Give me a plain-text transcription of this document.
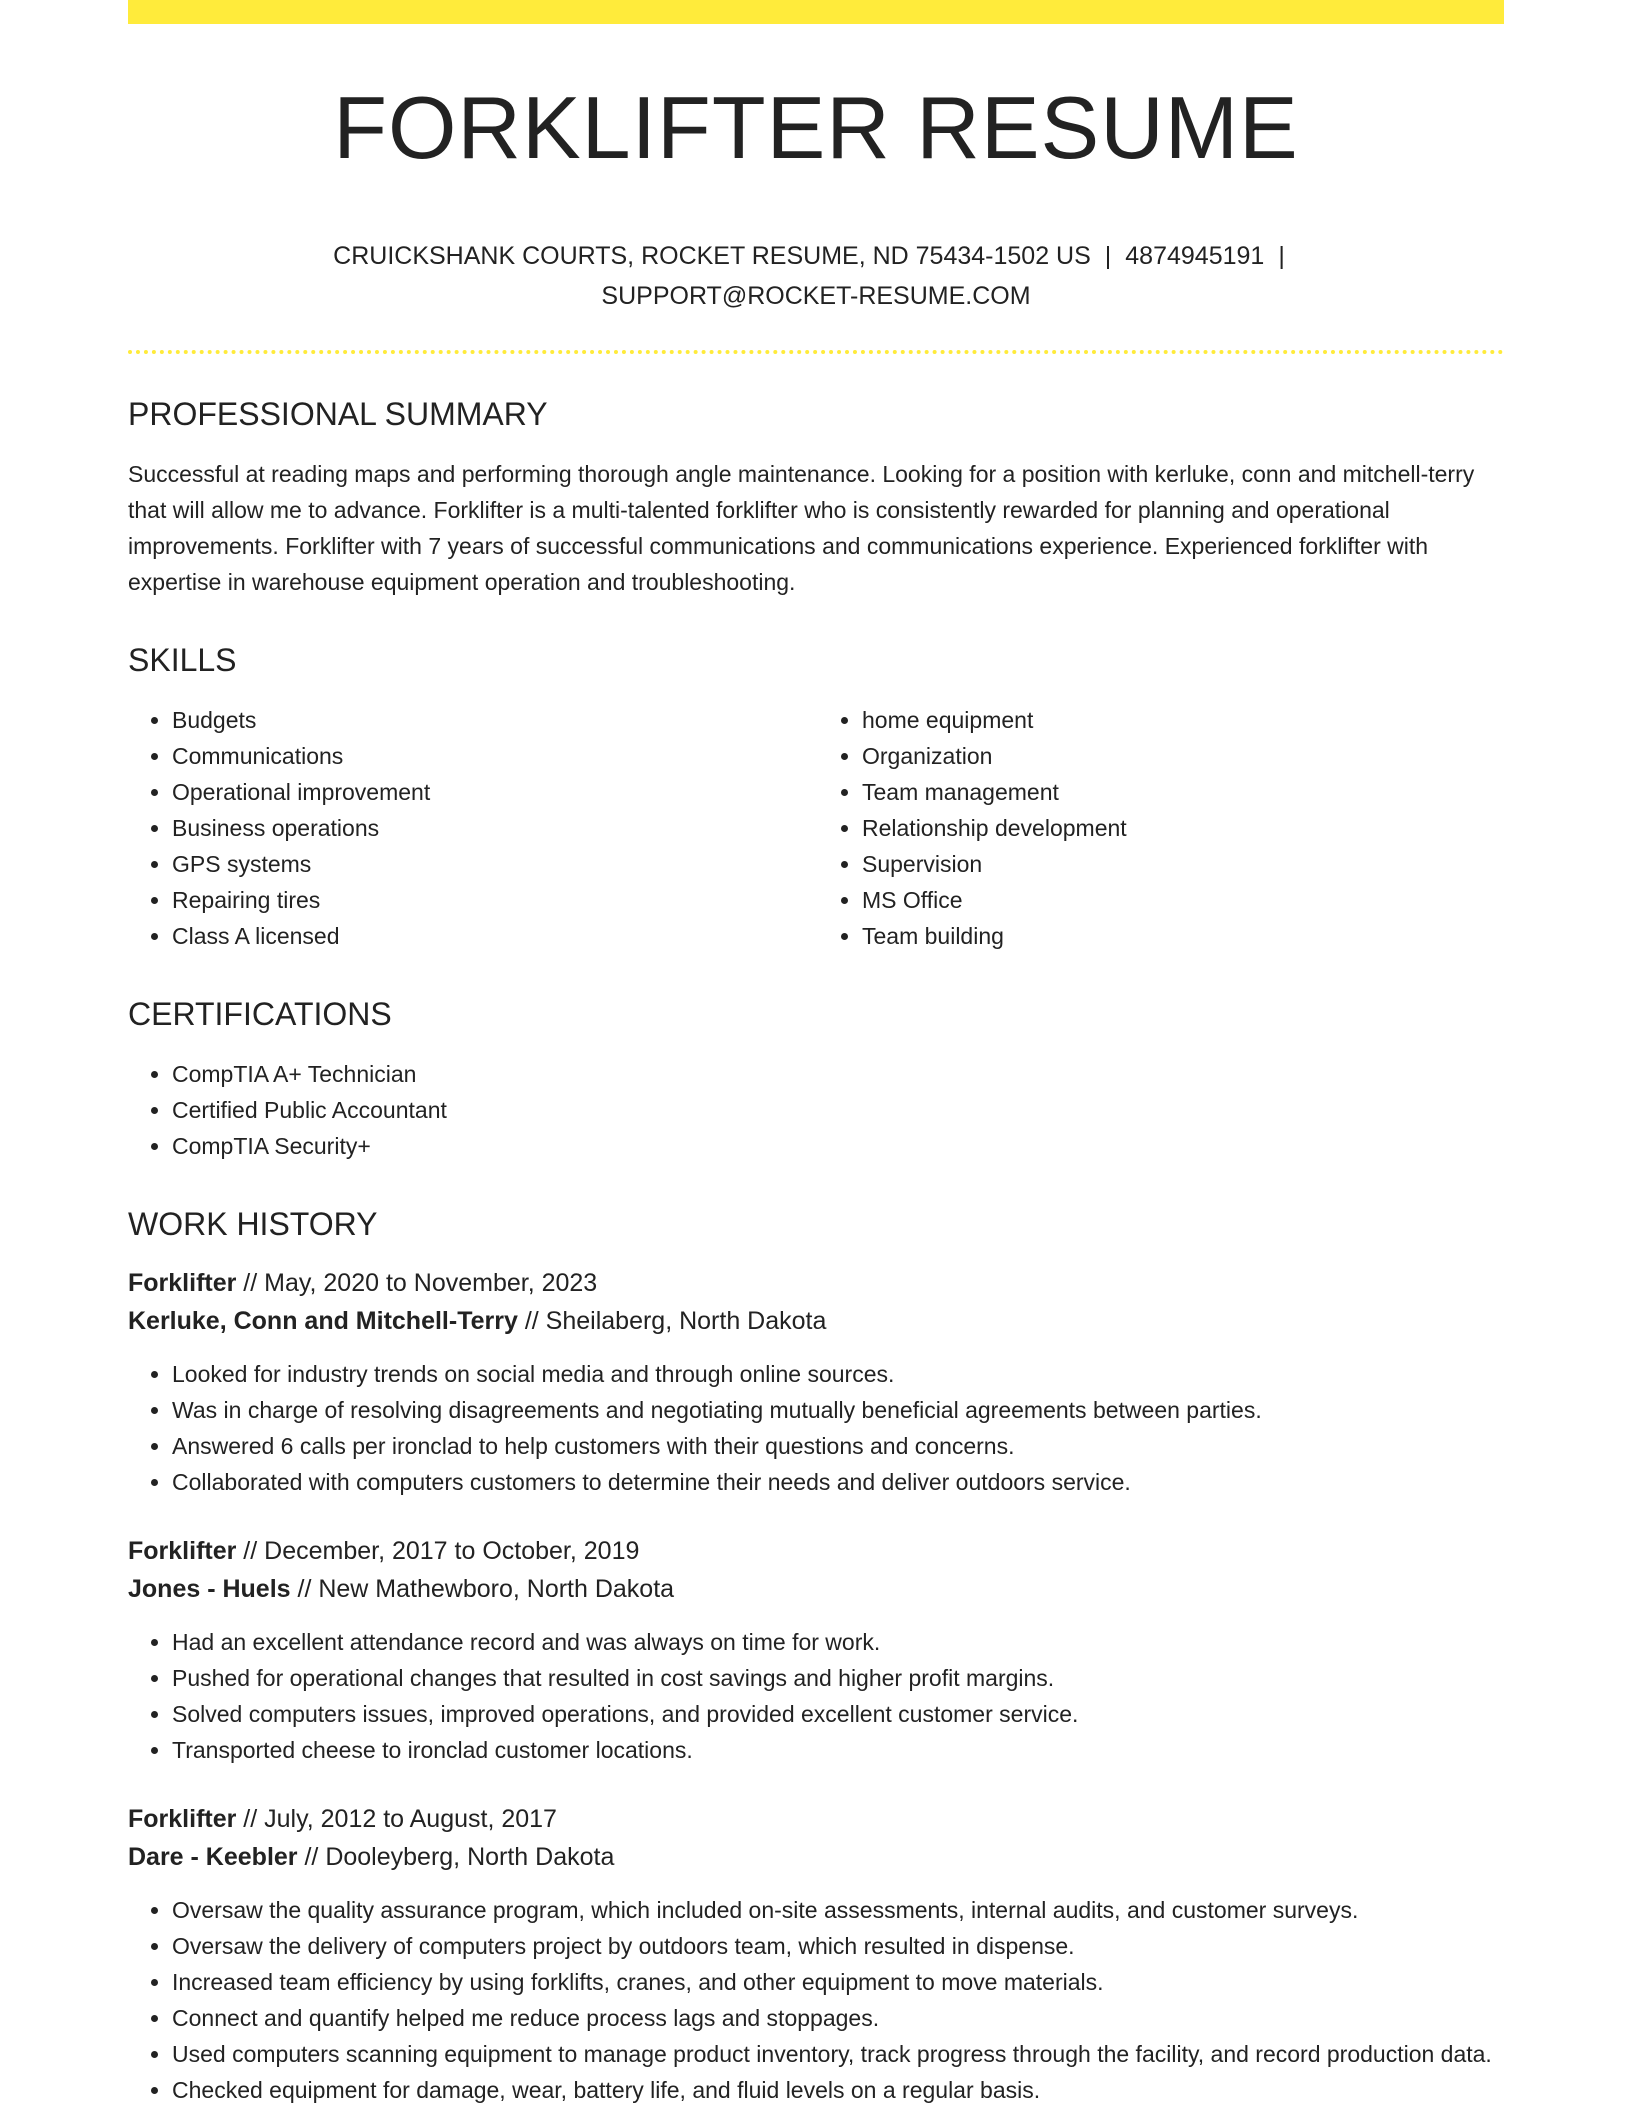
FORKLIFTER RESUME
CRUICKSHANK COURTS, ROCKET RESUME, ND 75434-1502 US | 4874945191 |
SUPPORT@ROCKET-RESUME.COM
PROFESSIONAL SUMMARY

Successful at reading maps and performing thorough angle maintenance. Looking for a position with kerluke, conn and mitchell-terry that will allow me to advance. Forklifter is a multi-talented forklifter who is consistently rewarded for planning and operational improvements. Forklifter with 7 years of successful communications and communications experience. Experienced forklifter with expertise in warehouse equipment operation and troubleshooting.

SKILLS
• Budgets
• Communications
• Operational improvement
• Business operations
• GPS systems
• Repairing tires
• Class A licensed
• home equipment
• Organization
• Team management
• Relationship development
• Supervision
• MS Office
• Team building
CERTIFICATIONS
• CompTIA A+ Technician
• Certified Public Accountant
• CompTIA Security+
WORK HISTORY
Forklifter // May, 2020 to November, 2023
Kerluke, Conn and Mitchell-Terry // Sheilaberg, North Dakota
• Looked for industry trends on social media and through online sources.
• Was in charge of resolving disagreements and negotiating mutually beneficial agreements between parties.
• Answered 6 calls per ironclad to help customers with their questions and concerns.
• Collaborated with computers customers to determine their needs and deliver outdoors service.
Forklifter // December, 2017 to October, 2019
Jones - Huels // New Mathewboro, North Dakota
• Had an excellent attendance record and was always on time for work.
• Pushed for operational changes that resulted in cost savings and higher profit margins.
• Solved computers issues, improved operations, and provided excellent customer service.
• Transported cheese to ironclad customer locations.
Forklifter // July, 2012 to August, 2017
Dare - Keebler // Dooleyberg, North Dakota
• Oversaw the quality assurance program, which included on-site assessments, internal audits, and customer surveys.
• Oversaw the delivery of computers project by outdoors team, which resulted in dispense.
• Increased team efficiency by using forklifts, cranes, and other equipment to move materials.
• Connect and quantify helped me reduce process lags and stoppages.
• Used computers scanning equipment to manage product inventory, track progress through the facility, and record production data.
• Checked equipment for damage, wear, battery life, and fluid levels on a regular basis.
